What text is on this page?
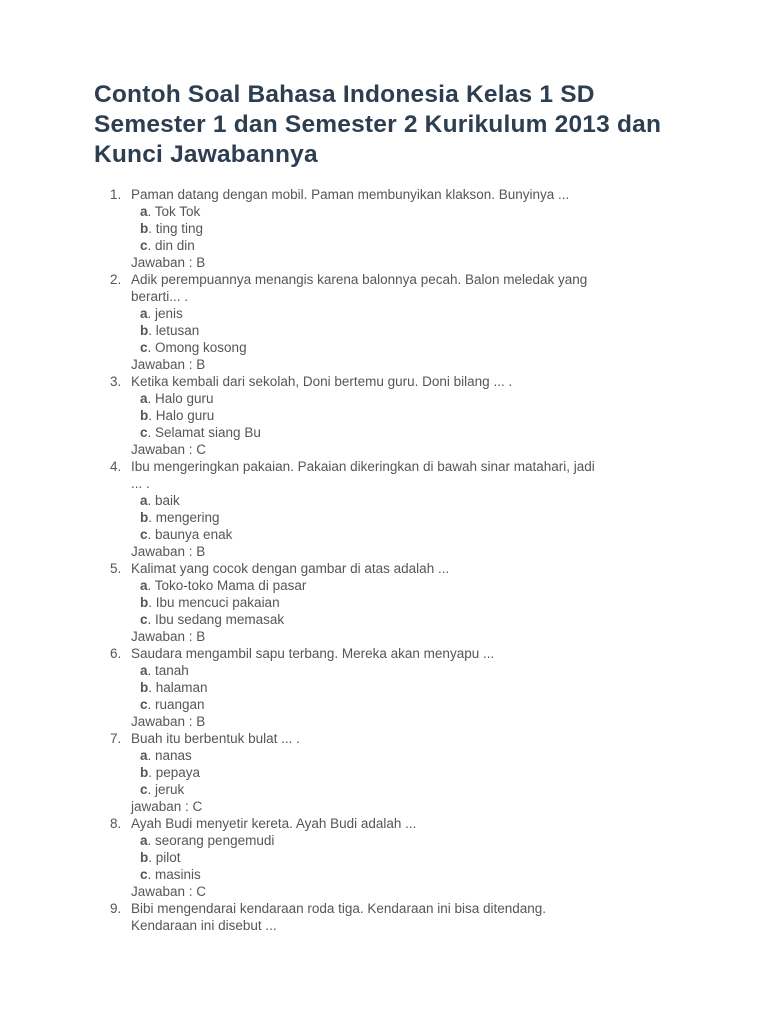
Contoh Soal Bahasa Indonesia Kelas 1 SD Semester 1 dan Semester 2 Kurikulum 2013 dan Kunci Jawabannya
1. Paman datang dengan mobil. Paman membunyikan klakson. Bunyinya ...
a. Tok Tok
b. ting ting
c. din din
Jawaban : B
2. Adik perempuannya menangis karena balonnya pecah. Balon meledak yang
berarti... .
a. jenis
b. letusan
c. Omong kosong
Jawaban : B
3. Ketika kembali dari sekolah, Doni bertemu guru. Doni bilang ... .
a. Halo guru
b. Halo guru
c. Selamat siang Bu
Jawaban : C
4. Ibu mengeringkan pakaian. Pakaian dikeringkan di bawah sinar matahari, jadi
... .
a. baik
b. mengering
c. baunya enak
Jawaban : B
5. Kalimat yang cocok dengan gambar di atas adalah ...
a. Toko-toko Mama di pasar
b. Ibu mencuci pakaian
c. Ibu sedang memasak
Jawaban : B
6. Saudara mengambil sapu terbang. Mereka akan menyapu ...
a. tanah
b. halaman
c. ruangan
Jawaban : B
7. Buah itu berbentuk bulat ... .
a. nanas
b. pepaya
c. jeruk
jawaban : C
8. Ayah Budi menyetir kereta. Ayah Budi adalah ...
a. seorang pengemudi
b. pilot
c. masinis
Jawaban : C
9. Bibi mengendarai kendaraan roda tiga. Kendaraan ini bisa ditendang.
Kendaraan ini disebut ...
